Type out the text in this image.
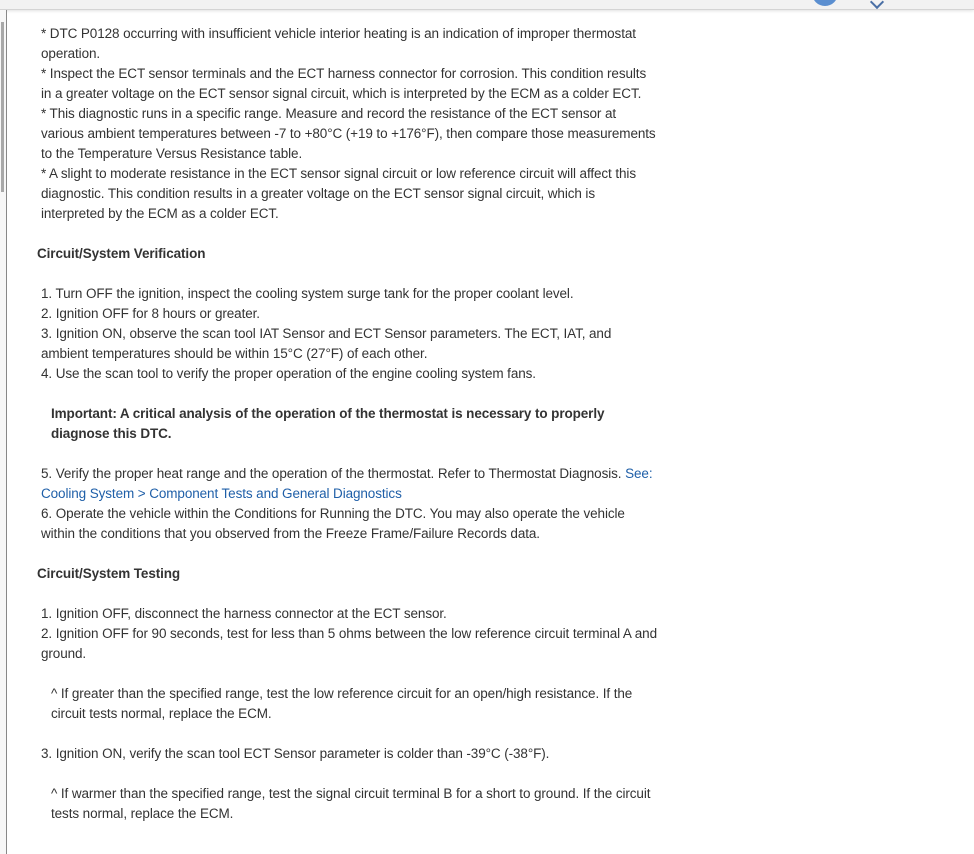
* DTC P0128 occurring with insufficient vehicle interior heating is an indication of improper thermostat operation.

* Inspect the ECT sensor terminals and the ECT harness connector for corrosion. This condition results in a greater voltage on the ECT sensor signal circuit, which is interpreted by the ECM as a colder ECT.

* This diagnostic runs in a specific range. Measure and record the resistance of the ECT sensor at various ambient temperatures between -7 to +80°C (+19 to +176°F), then compare those measurements to the Temperature Versus Resistance table.

* A slight to moderate resistance in the ECT sensor signal circuit or low reference circuit will affect this diagnostic. This condition results in a greater voltage on the ECT sensor signal circuit, which is interpreted by the ECM as a colder ECT.

Circuit/System Verification

1. Turn OFF the ignition, inspect the cooling system surge tank for the proper coolant level.

2. Ignition OFF for 8 hours or greater.

3. Ignition ON, observe the scan tool IAT Sensor and ECT Sensor parameters. The ECT, IAT, and ambient temperatures should be within 15°C (27°F) of each other.

4. Use the scan tool to verify the proper operation of the engine cooling system fans.

Important: A critical analysis of the operation of the thermostat is necessary to properly diagnose this DTC.

5. Verify the proper heat range and the operation of the thermostat. Refer to Thermostat Diagnosis. See: Cooling System > Component Tests and General Diagnostics

6. Operate the vehicle within the Conditions for Running the DTC. You may also operate the vehicle within the conditions that you observed from the Freeze Frame/Failure Records data.

Circuit/System Testing

1. Ignition OFF, disconnect the harness connector at the ECT sensor.

2. Ignition OFF for 90 seconds, test for less than 5 ohms between the low reference circuit terminal A and ground.

^ If greater than the specified range, test the low reference circuit for an open/high resistance. If the circuit tests normal, replace the ECM.

3. Ignition ON, verify the scan tool ECT Sensor parameter is colder than -39°C (-38°F).

^ If warmer than the specified range, test the signal circuit terminal B for a short to ground. If the circuit tests normal, replace the ECM.
